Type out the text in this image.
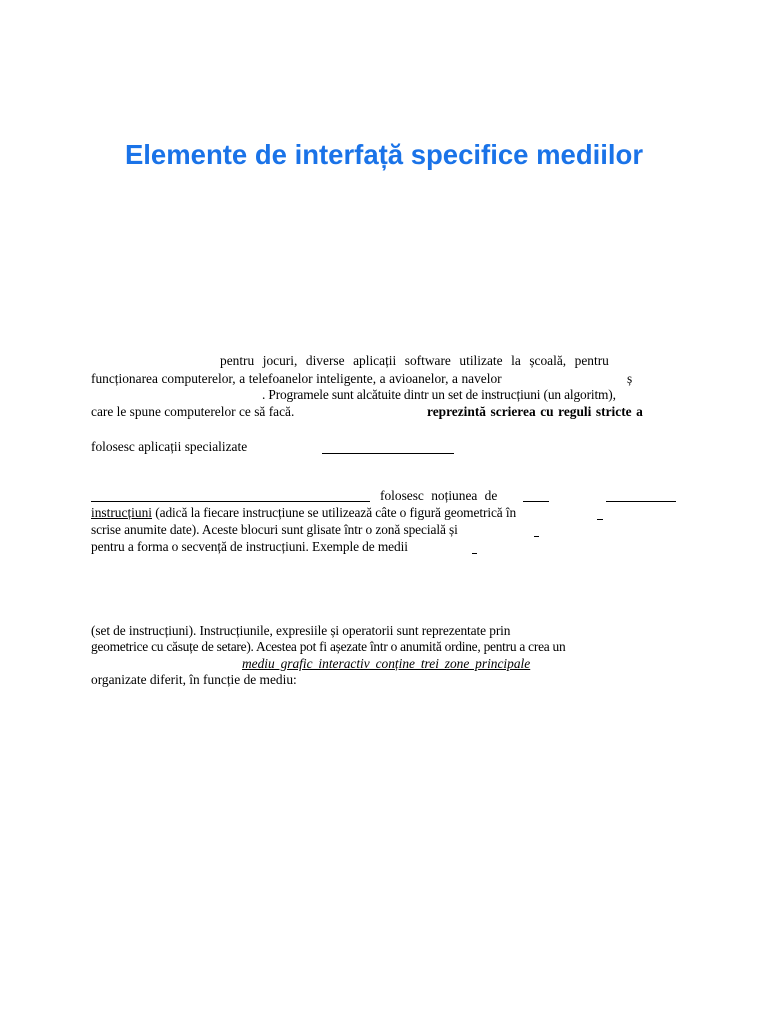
Elemente de interfață specifice mediilor
pentru jocuri, diverse aplicații software utilizate la școală, pentru
funcționarea computerelor, a telefoanelor inteligente, a avioanelor, a navelor	ș
. Programele sunt alcătuite dintr un set de instrucțiuni (un algoritm),
care le spune computerelor ce să facă.	reprezintă scrierea cu reguli stricte a
folosesc aplicații specializate
folosesc noțiunea de
instrucțiuni (adică la fiecare instrucțiune se utilizează câte o figură geometrică în
scrise anumite date). Aceste blocuri sunt glisate într o zonă specială și
pentru a forma o secvență de instrucțiuni. Exemple de medii
(set de instrucțiuni). Instrucțiunile, expresiile și operatorii sunt reprezentate prin
geometrice cu căsuțe de setare). Acestea pot fi așezate într o anumită ordine, pentru a crea un
mediu grafic interactiv conține trei zone principale
organizate diferit, în funcție de mediu:
